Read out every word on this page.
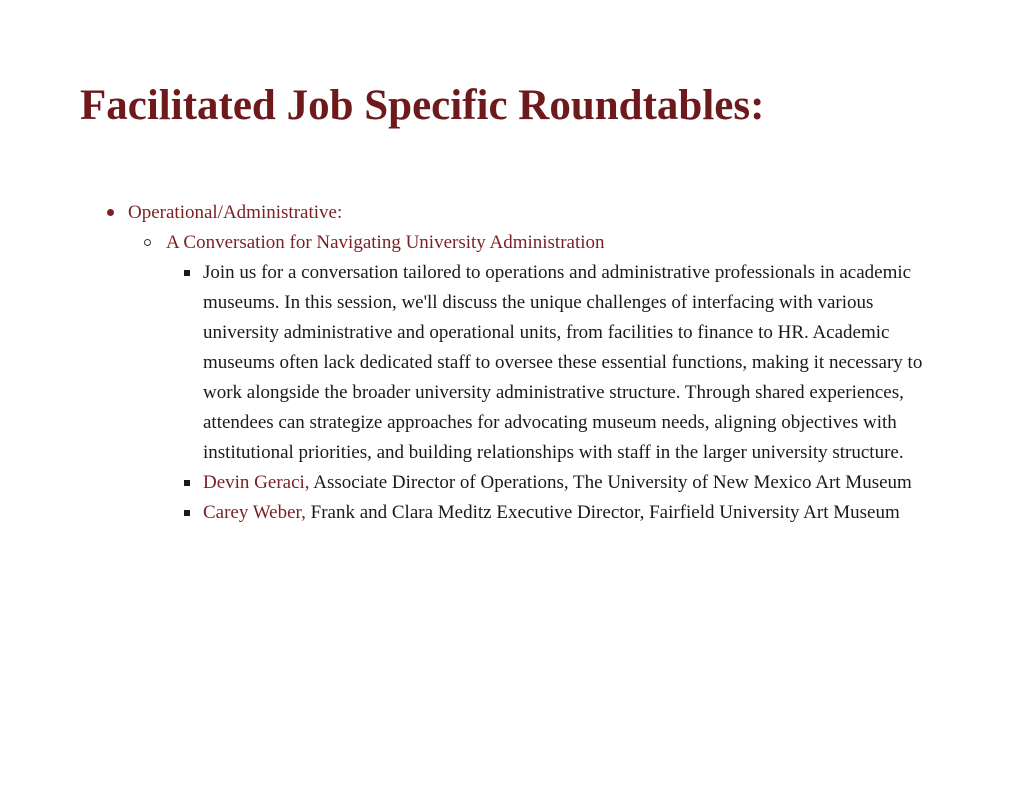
Facilitated Job Specific Roundtables:
Operational/Administrative:
A Conversation for Navigating University Administration
Join us for a conversation tailored to operations and administrative professionals in academic museums. In this session, we'll discuss the unique challenges of interfacing with various university administrative and operational units, from facilities to finance to HR. Academic museums often lack dedicated staff to oversee these essential functions, making it necessary to work alongside the broader university administrative structure. Through shared experiences, attendees can strategize approaches for advocating museum needs, aligning objectives with institutional priorities, and building relationships with staff in the larger university structure.
Devin Geraci, Associate Director of Operations, The University of New Mexico Art Museum
Carey Weber, Frank and Clara Meditz Executive Director, Fairfield University Art Museum
